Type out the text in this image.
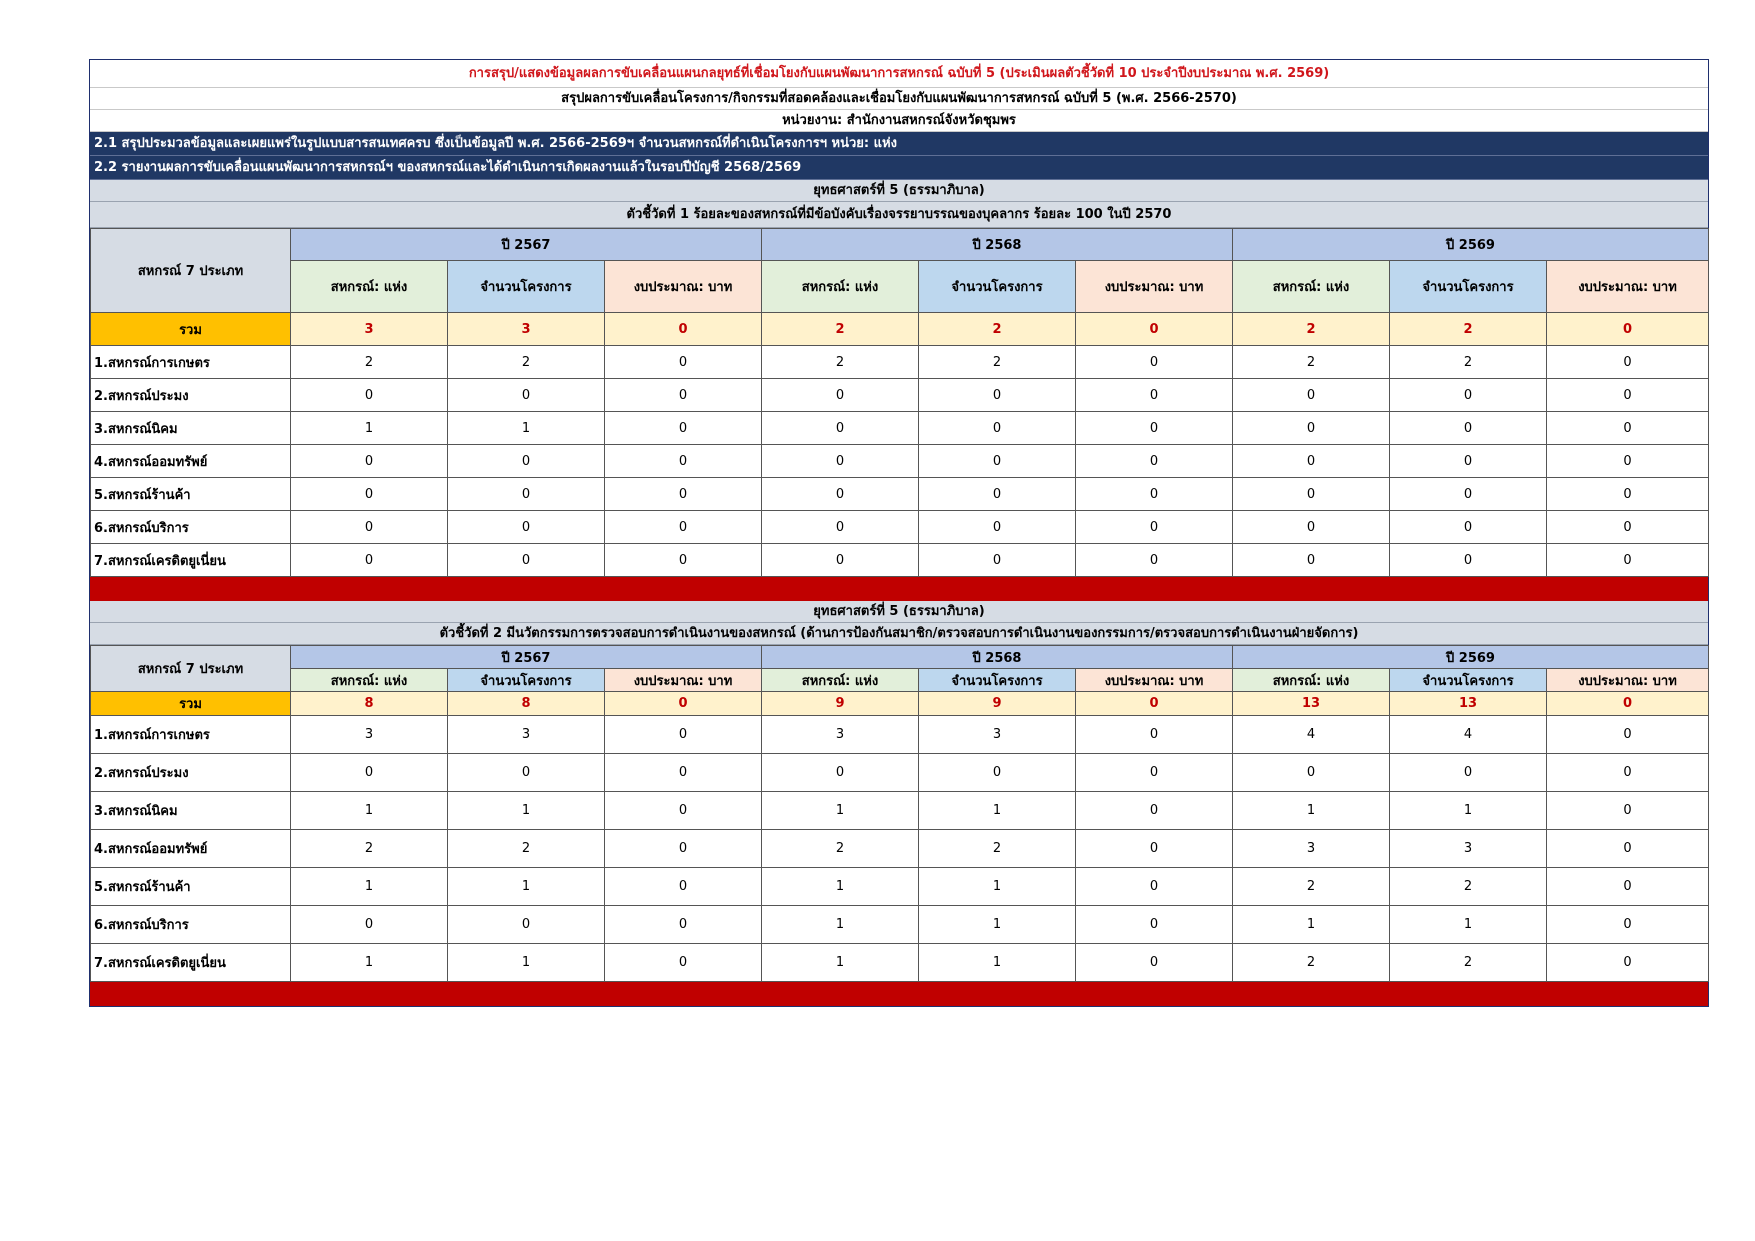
การสรุป/แสดงข้อมูลผลการขับเคลื่อนแผนกลยุทธ์ที่เชื่อมโยงกับแผนพัฒนาการสหกรณ์ ฉบับที่ 5 (ประเมินผลตัวชี้วัดที่ 10 ประจำปีงบประมาณ พ.ศ. 2569)
สรุปผลการขับเคลื่อนโครงการ/กิจกรรมที่สอดคล้องและเชื่อมโยงกับแผนพัฒนาการสหกรณ์ ฉบับที่ 5 (พ.ศ. 2566-2570)
หน่วยงาน: สำนักงานสหกรณ์จังหวัดชุมพร
2.1 สรุปประมวลข้อมูลและเผยแพร่ในรูปแบบสารสนเทศครบ ซึ่งเป็นข้อมูลปี พ.ศ. 2566-2569ฯ จำนวนสหกรณ์ที่ดำเนินโครงการฯ หน่วย: แห่ง
2.2 รายงานผลการขับเคลื่อนแผนพัฒนาการสหกรณ์ฯ ของสหกรณ์และได้ดำเนินการเกิดผลงานแล้วในรอบปีบัญชี 2568/2569
ยุทธศาสตร์ที่ 5 (ธรรมาภิบาล)
ตัวชี้วัดที่ 1 ร้อยละของสหกรณ์ที่มีข้อบังคับเรื่องจรรยาบรรณของบุคลากร ร้อยละ 100 ในปี 2570
สหกรณ์ 7 ประเภท	ปี 2567			ปี 2568			ปี 2569		
	สหกรณ์: แห่ง	จำนวนโครงการ	งบประมาณ: บาท	สหกรณ์: แห่ง	จำนวนโครงการ	งบประมาณ: บาท	สหกรณ์: แห่ง	จำนวนโครงการ	งบประมาณ: บาท
รวม	3	3	0	2	2	0	2	2	0
1.สหกรณ์การเกษตร	2	2	0	2	2	0	2	2	0
2.สหกรณ์ประมง	0	0	0	0	0	0	0	0	0
3.สหกรณ์นิคม	1	1	0	0	0	0	0	0	0
4.สหกรณ์ออมทรัพย์	0	0	0	0	0	0	0	0	0
5.สหกรณ์ร้านค้า	0	0	0	0	0	0	0	0	0
6.สหกรณ์บริการ	0	0	0	0	0	0	0	0	0
7.สหกรณ์เครดิตยูเนี่ยน	0	0	0	0	0	0	0	0	0
ยุทธศาสตร์ที่ 5 (ธรรมาภิบาล)
ตัวชี้วัดที่ 2 มีนวัตกรรมการตรวจสอบการดำเนินงานของสหกรณ์ (ด้านการป้องกันสมาชิก/ตรวจสอบการดำเนินงานของกรรมการ/ตรวจสอบการดำเนินงานฝ่ายจัดการ)
สหกรณ์ 7 ประเภท	ปี 2567			ปี 2568			ปี 2569		
	สหกรณ์: แห่ง	จำนวนโครงการ	งบประมาณ: บาท	สหกรณ์: แห่ง	จำนวนโครงการ	งบประมาณ: บาท	สหกรณ์: แห่ง	จำนวนโครงการ	งบประมาณ: บาท
รวม	8	8	0	9	9	0	13	13	0
1.สหกรณ์การเกษตร	3	3	0	3	3	0	4	4	0
2.สหกรณ์ประมง	0	0	0	0	0	0	0	0	0
3.สหกรณ์นิคม	1	1	0	1	1	0	1	1	0
4.สหกรณ์ออมทรัพย์	2	2	0	2	2	0	3	3	0
5.สหกรณ์ร้านค้า	1	1	0	1	1	0	2	2	0
6.สหกรณ์บริการ	0	0	0	1	1	0	1	1	0
7.สหกรณ์เครดิตยูเนี่ยน	1	1	0	1	1	0	2	2	0
